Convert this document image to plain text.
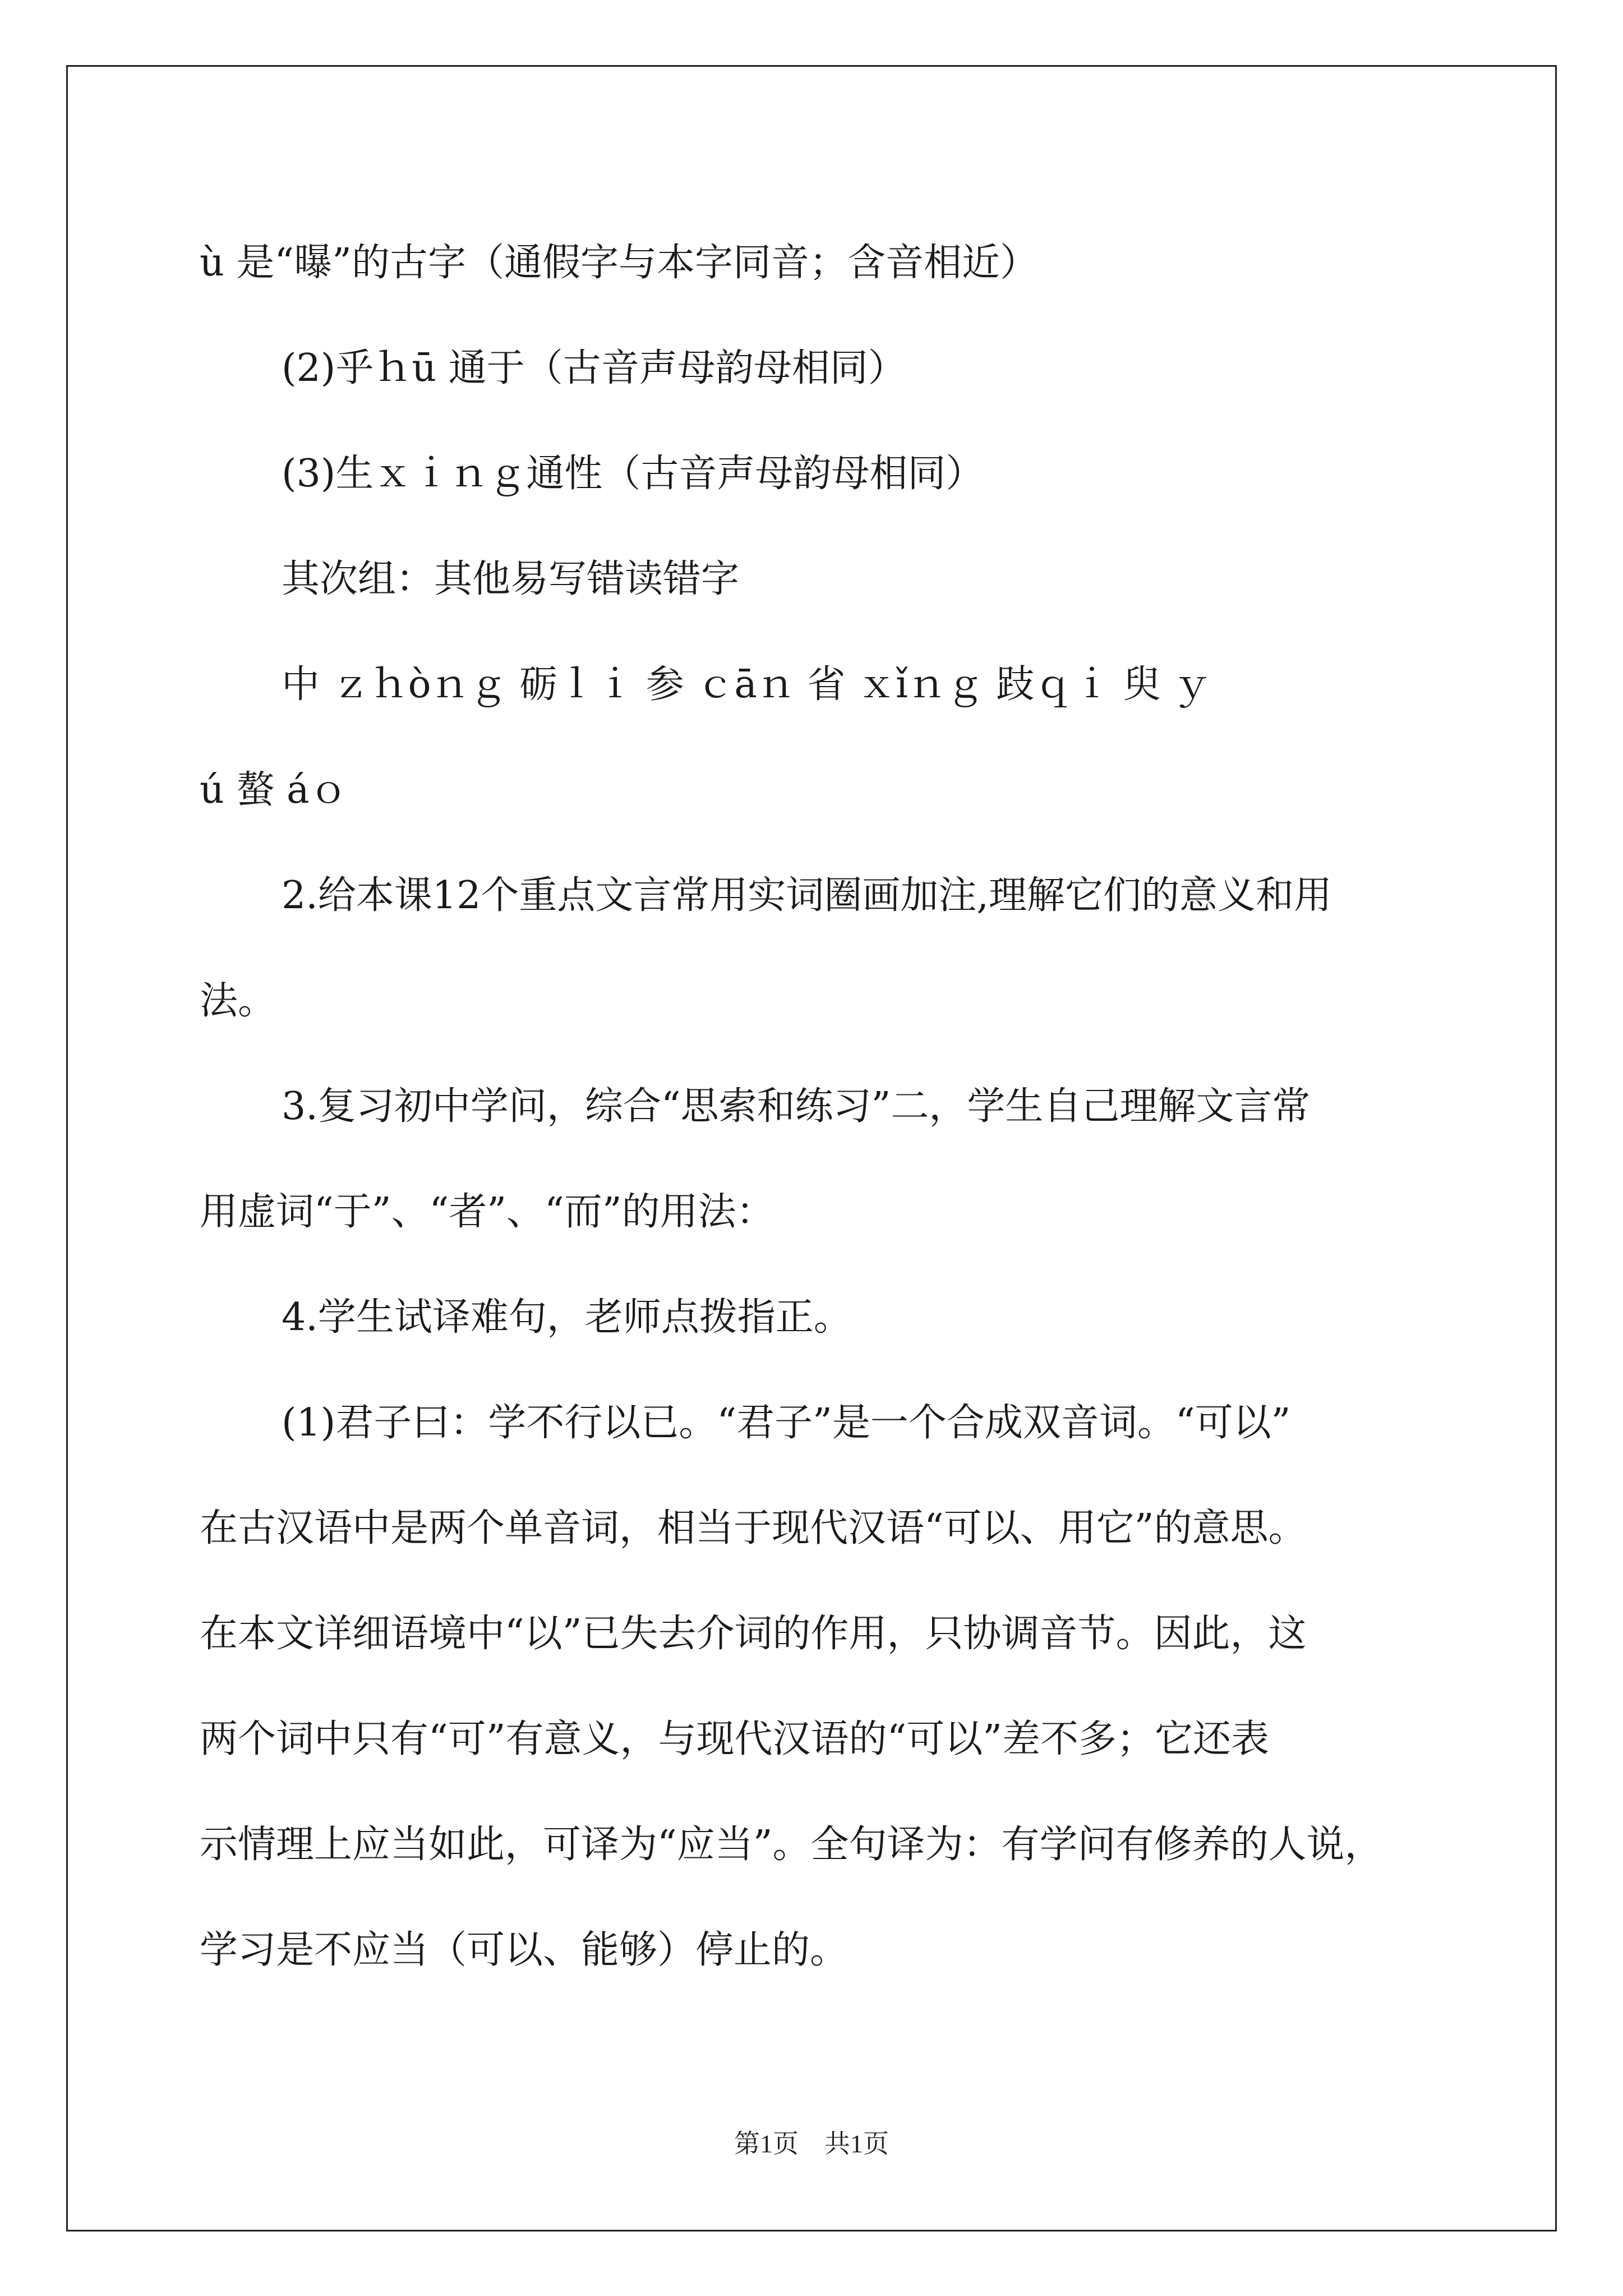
ù 是“曝”的古字（通假字与本字同音；含音相近）
(2)乎ｈū 通于（古音声母韵母相同）
(3)生ｘｉｎｇ通性（古音声母韵母相同）
其次组：其他易写错读错字
中 ｚｈòｎｇ 砺ｌｉ 参 ｃāｎ 省 ｘǐｎｇ 跂ｑｉ 臾 ｙ
ú 螯 áｏ
2.给本课12个重点文言常用实词圈画加注,理解它们的意义和用
法。
3.复习初中学问，综合“思索和练习”二，学生自己理解文言常
用虚词“于”、“者”、“而”的用法：
4.学生试译难句，老师点拨指正。
(1)君子曰：学不行以已。“君子”是一个合成双音词。“可以”
在古汉语中是两个单音词，相当于现代汉语“可以、用它”的意思。
在本文详细语境中“以”已失去介词的作用，只协调音节。因此，这
两个词中只有“可”有意义，与现代汉语的“可以”差不多；它还表
示情理上应当如此，可译为“应当”。全句译为：有学问有修养的人说，
学习是不应当（可以、能够）停止的。
第1页　共1页
